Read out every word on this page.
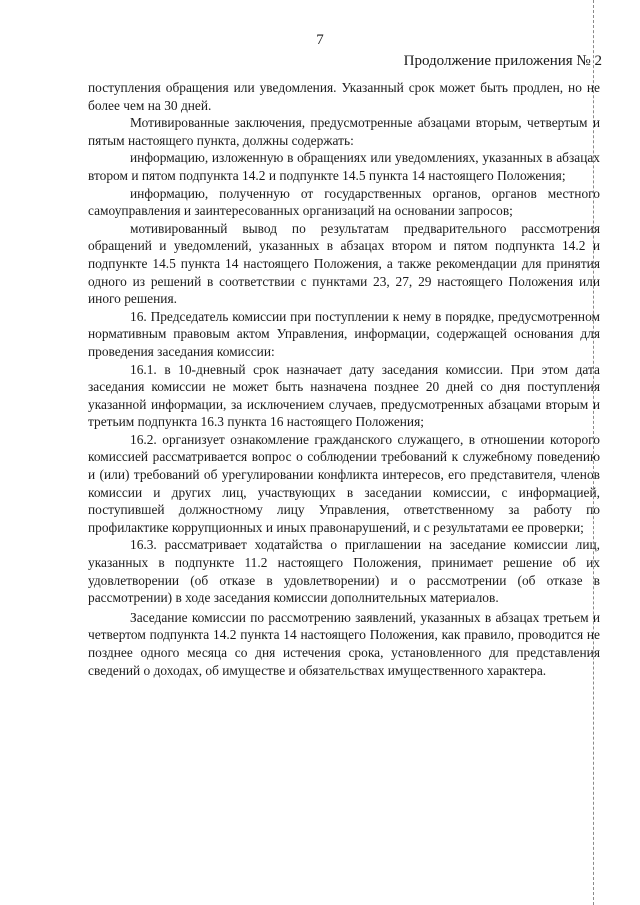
7
Продолжение приложения № 2

поступления обращения или уведомления. Указанный срок может быть продлен, но не более чем на 30 дней.

Мотивированные заключения, предусмотренные абзацами вторым, четвертым и пятым настоящего пункта, должны содержать:

информацию, изложенную в обращениях или уведомлениях, указанных в абзацах втором и пятом подпункта 14.2 и подпункте 14.5 пункта 14 настоящего Положения;

информацию, полученную от государственных органов, органов местного самоуправления и заинтересованных организаций на основании запросов;

мотивированный вывод по результатам предварительного рассмотрения обращений и уведомлений, указанных в абзацах втором и пятом подпункта 14.2 и подпункте 14.5 пункта 14 настоящего Положения, а также рекомендации для принятия одного из решений в соответствии с пунктами 23, 27, 29 настоящего Положения или иного решения.

16. Председатель комиссии при поступлении к нему в порядке, предусмотренном нормативным правовым актом Управления, информации, содержащей основания для проведения заседания комиссии:

16.1. в 10-дневный срок назначает дату заседания комиссии. При этом дата заседания комиссии не может быть назначена позднее 20 дней со дня поступления указанной информации, за исключением случаев, предусмотренных абзацами вторым и третьим подпункта 16.3 пункта 16 настоящего Положения;

16.2. организует ознакомление гражданского служащего, в отношении которого комиссией рассматривается вопрос о соблюдении требований к служебному поведению и (или) требований об урегулировании конфликта интересов, его представителя, членов комиссии и других лиц, участвующих в заседании комиссии, с информацией, поступившей должностному лицу Управления, ответственному за работу по профилактике коррупционных и иных правонарушений, и с результатами ее проверки;

16.3. рассматривает ходатайства о приглашении на заседание комиссии лиц, указанных в подпункте 11.2 настоящего Положения, принимает решение об их удовлетворении (об отказе в удовлетворении) и о рассмотрении (об отказе в рассмотрении) в ходе заседания комиссии дополнительных материалов.

Заседание комиссии по рассмотрению заявлений, указанных в абзацах третьем и четвертом подпункта 14.2 пункта 14 настоящего Положения, как правило, проводится не позднее одного месяца со дня истечения срока, установленного для представления сведений о доходах, об имуществе и обязательствах имущественного характера.
